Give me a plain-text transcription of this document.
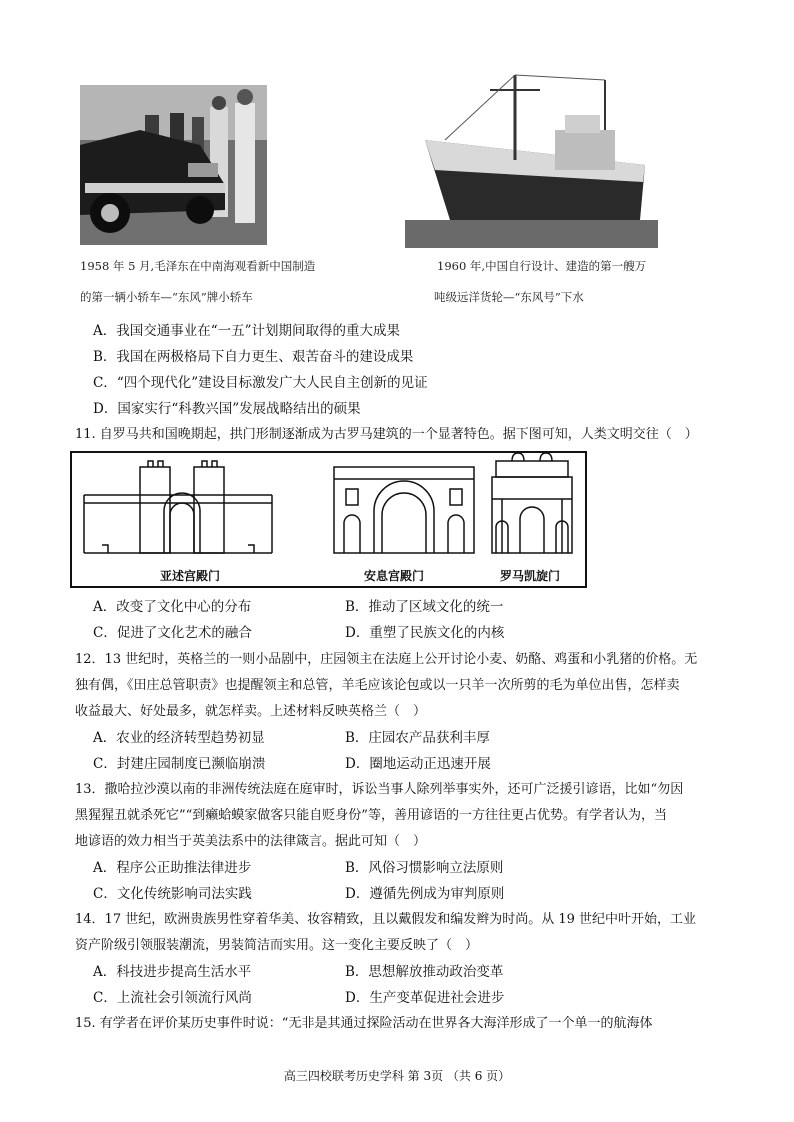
1958 年 5 月,毛泽东在中南海观看新中国制造
的第一辆小轿车—“东风”牌小轿车
1960 年,中国自行设计、建造的第一艘万
吨级远洋货轮—“东风号”下水
A．我国交通事业在“一五”计划期间取得的重大成果
B．我国在两极格局下自力更生、艰苦奋斗的建设成果
C．“四个现代化”建设目标激发广大人民自主创新的见证
D．国家实行“科教兴国”发展战略结出的硕果
11. 自罗马共和国晚期起，拱门形制逐渐成为古罗马建筑的一个显著特色。据下图可知，人类文明交往（　）
亚述宫殿门	安息宫殿门	罗马凯旋门
A．改变了文化中心的分布	B．推动了区域文化的统一
C．促进了文化艺术的融合	D．重塑了民族文化的内核
12．13 世纪时，英格兰的一则小品剧中，庄园领主在法庭上公开讨论小麦、奶酪、鸡蛋和小乳猪的价格。无
独有偶，《田庄总管职责》也提醒领主和总管，羊毛应该论包或以一只羊一次所剪的毛为单位出售，怎样卖
收益最大、好处最多，就怎样卖。上述材料反映英格兰（　）
A．农业的经济转型趋势初显	B．庄园农产品获利丰厚
C．封建庄园制度已濒临崩溃	D．圈地运动正迅速开展
13．撒哈拉沙漠以南的非洲传统法庭在庭审时，诉讼当事人除列举事实外，还可广泛援引谚语，比如“勿因
黑猩猩丑就杀死它”“到癞蛤蟆家做客只能自贬身份”等，善用谚语的一方往往更占优势。有学者认为，当
地谚语的效力相当于英美法系中的法律箴言。据此可知（　）
A．程序公正助推法律进步	B．风俗习惯影响立法原则
C．文化传统影响司法实践	D．遵循先例成为审判原则
14．17 世纪，欧洲贵族男性穿着华美、妆容精致，且以戴假发和编发辫为时尚。从 19 世纪中叶开始，工业
资产阶级引领服装潮流，男装简洁而实用。这一变化主要反映了（　）
A．科技进步提高生活水平	B．思想解放推动政治变革
C．上流社会引领流行风尚	D．生产变革促进社会进步
15. 有学者在评价某历史事件时说：“无非是其通过探险活动在世界各大海洋形成了一个单一的航海体
高三四校联考历史学科 第 3页 （共 6 页）
